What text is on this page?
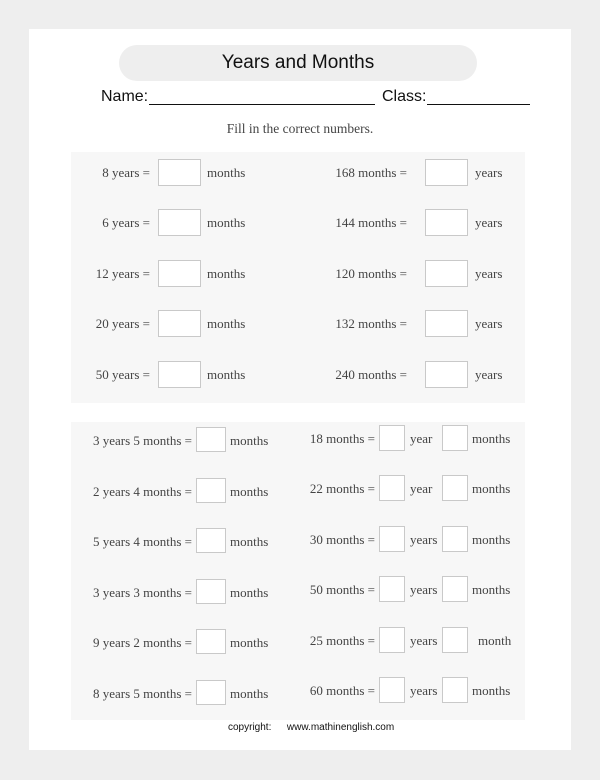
Years and Months
Name:	Class:
Fill in the correct numbers.
8 years =	months
6 years =	months
12 years =	months
20 years =	months
50 years =	months
168 months =	years
144 months =	years
120 months =	years
132 months =	years
240 months =	years
3 years 5 months =	months
2 years 4 months =	months
5 years 4 months =	months
3 years 3 months =	months
9 years 2 months =	months
8 years 5 months =	months
18 months =	year	months
22 months =	year	months
30 months =	years	months
50 months =	years	months
25 months =	years	month
60 months =	years	months
copyright: www.mathinenglish.com
